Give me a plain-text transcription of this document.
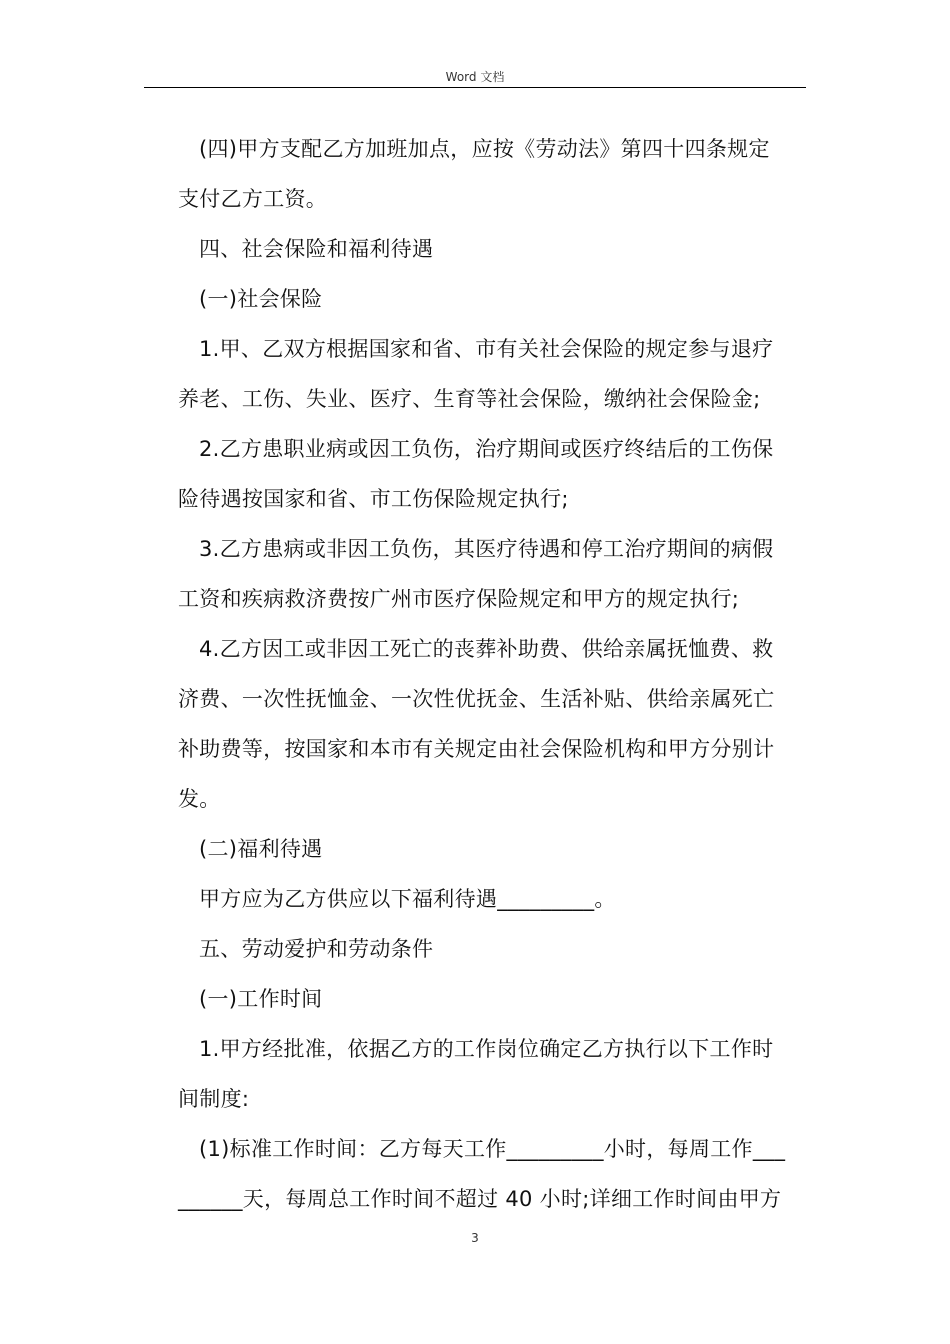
Word 文档

(四)甲方支配乙方加班加点，应按《劳动法》第四十四条规定

支付乙方工资。

四、社会保险和福利待遇

(一)社会保险

1.甲、乙双方根据国家和省、市有关社会保险的规定参与退疗

养老、工伤、失业、医疗、生育等社会保险，缴纳社会保险金;

2.乙方患职业病或因工负伤，治疗期间或医疗终结后的工伤保

险待遇按国家和省、市工伤保险规定执行;

3.乙方患病或非因工负伤，其医疗待遇和停工治疗期间的病假

工资和疾病救济费按广州市医疗保险规定和甲方的规定执行;

4.乙方因工或非因工死亡的丧葬补助费、供给亲属抚恤费、救

济费、一次性抚恤金、一次性优抚金、生活补贴、供给亲属死亡

补助费等，按国家和本市有关规定由社会保险机构和甲方分别计

发。

(二)福利待遇

甲方应为乙方供应以下福利待遇_________。

五、劳动爱护和劳动条件

(一)工作时间

1.甲方经批准，依据乙方的工作岗位确定乙方执行以下工作时

间制度:

(1)标准工作时间：乙方每天工作_________小时，每周工作___

______天，每周总工作时间不超过 40 小时;详细工作时间由甲方

3
